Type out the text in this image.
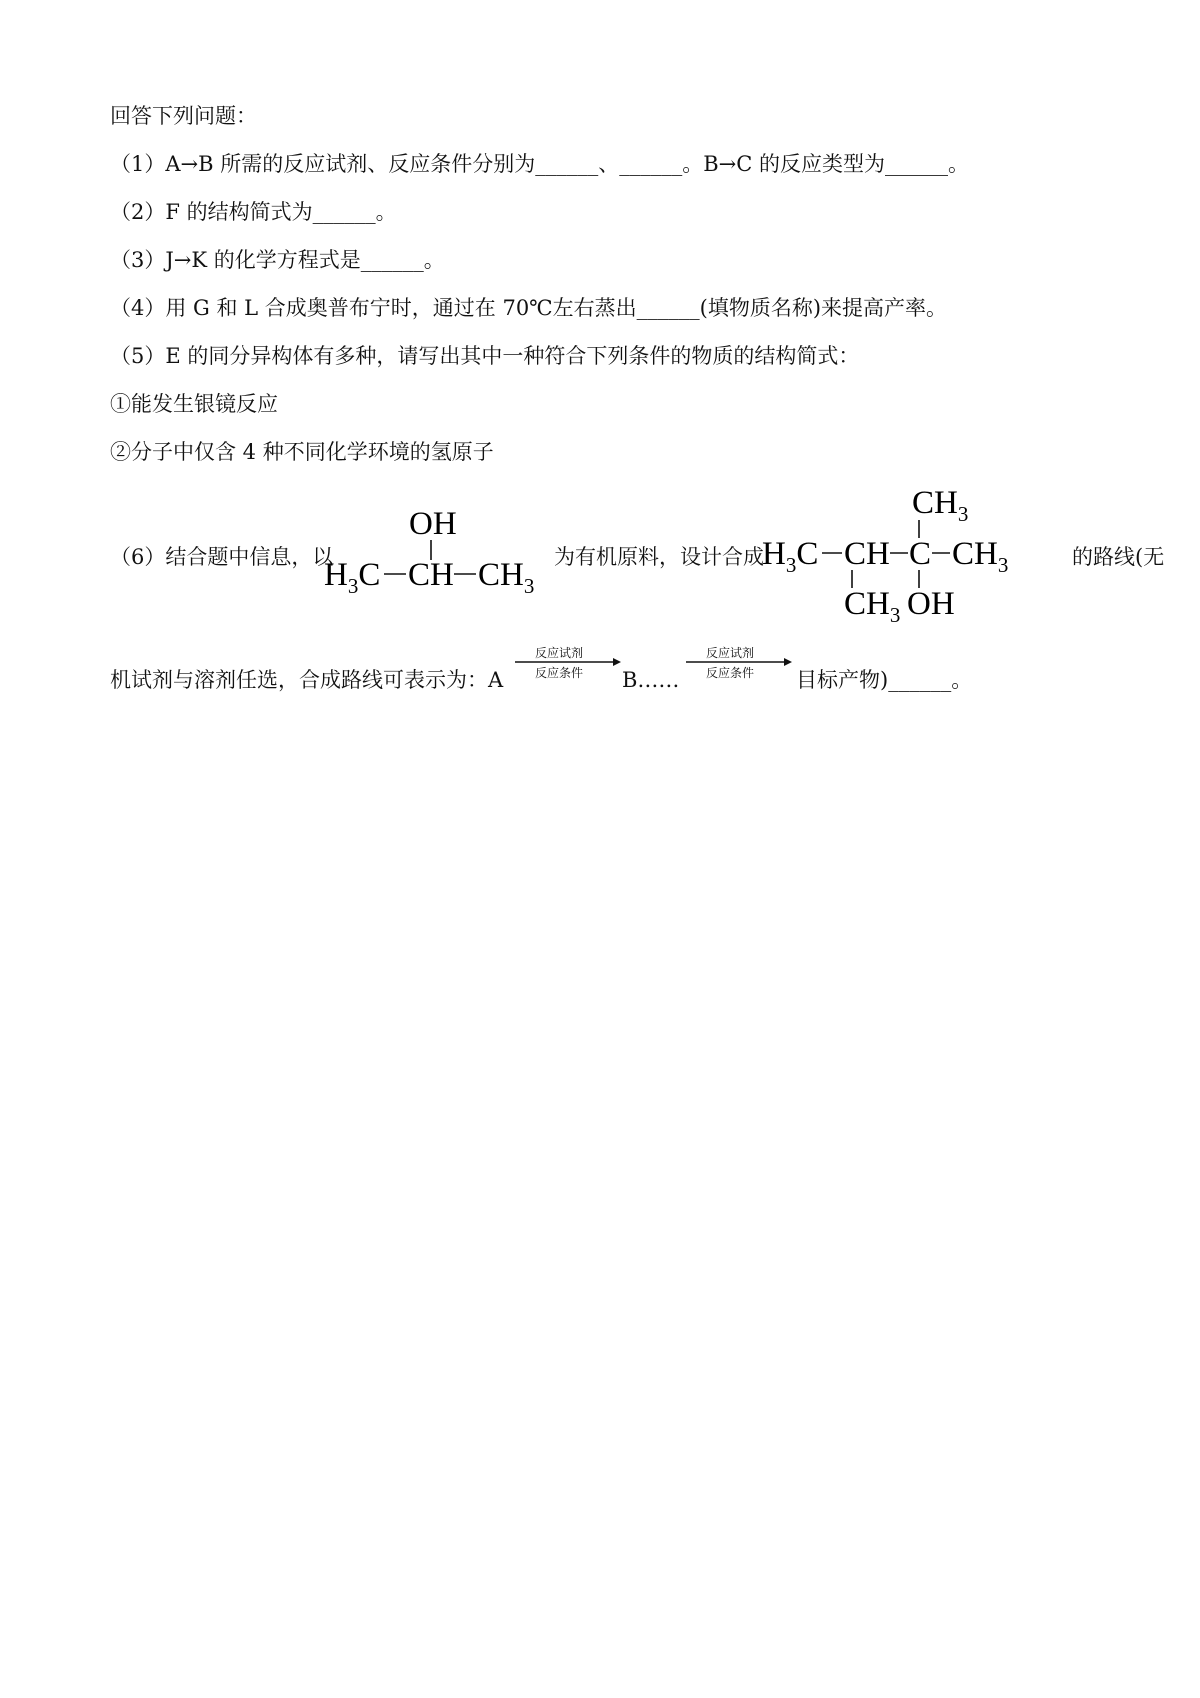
回答下列问题：
（1）A→B 所需的反应试剂、反应条件分别为______、______。B→C 的反应类型为______。
（2）F 的结构简式为______。
（3）J→K 的化学方程式是______。
（4）用 G 和 L 合成奥普布宁时，通过在 70℃左右蒸出______(填物质名称)来提高产率。
（5）E 的同分异构体有多种，请写出其中一种符合下列条件的物质的结构简式：
①能发生银镜反应
②分子中仅含 4 种不同化学环境的氢原子
（6）结合题中信息，以
OH
$H_3C$ CH $CH_3$
为有机原料，设计合成
$CH_3$
$H_3C$ CH C $CH_3$
$CH_3$ OH
的路线(无
机试剂与溶剂任选，合成路线可表示为：A
反应试剂
反应条件 B……
反应试剂
反应条件 目标产物)______。
